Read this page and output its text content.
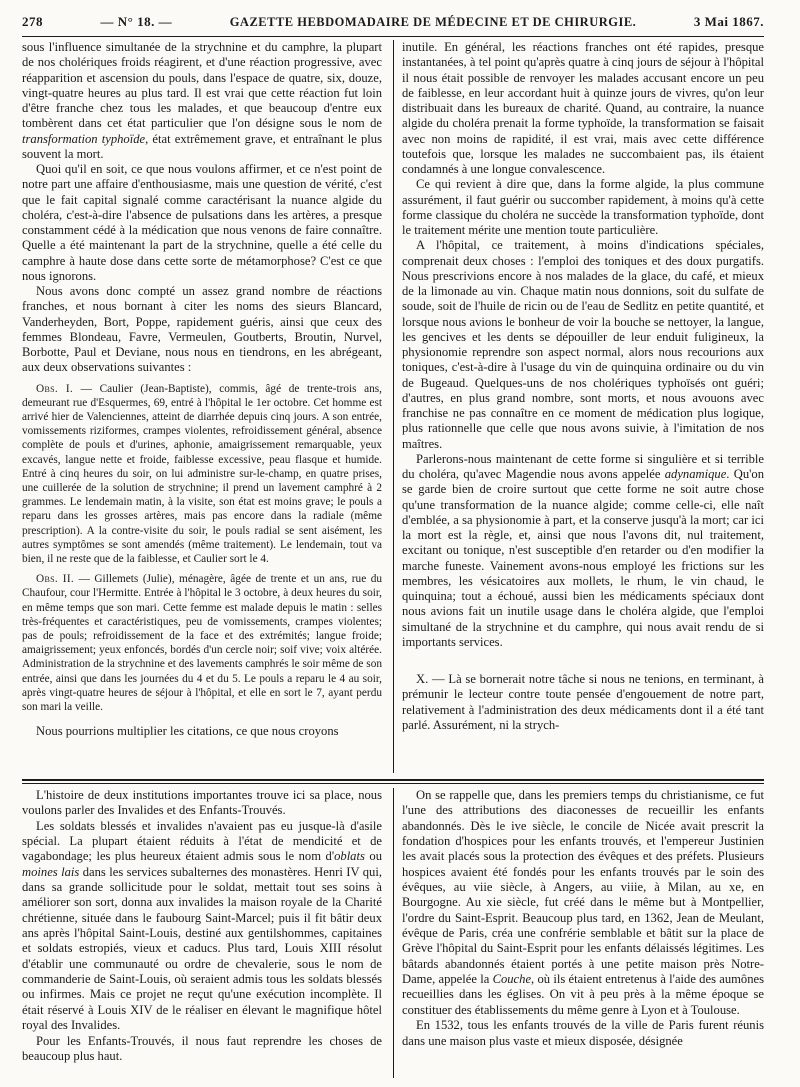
278	— N° 18. —	GAZETTE HEBDOMADAIRE DE MÉDECINE ET DE CHIRURGIE.	3 Mai 1867.

sous l'influence simultanée de la strychnine et du camphre, la plupart de nos cholériques froids réagirent, et d'une réaction progressive, avec réapparition et ascension du pouls, dans l'espace de quatre, six, douze, vingt-quatre heures au plus tard. Il est vrai que cette réaction fut loin d'être franche chez tous les malades, et que beaucoup d'entre eux tombèrent dans cet état particulier que l'on désigne sous le nom de transformation typhoïde, état extrêmement grave, et entraînant le plus souvent la mort.

Quoi qu'il en soit, ce que nous voulons affirmer, et ce n'est point de notre part une affaire d'enthousiasme, mais une question de vérité, c'est que le fait capital signalé comme caractérisant la nuance algide du choléra, c'est-à-dire l'absence de pulsations dans les artères, a presque constamment cédé à la médication que nous venons de faire connaître. Quelle a été maintenant la part de la strychnine, quelle a été celle du camphre à haute dose dans cette sorte de métamorphose? C'est ce que nous ignorons.

Nous avons donc compté un assez grand nombre de réactions franches, et nous bornant à citer les noms des sieurs Blancard, Vanderheyden, Bort, Poppe, rapidement guéris, ainsi que ceux des femmes Blondeau, Favre, Vermeulen, Goutberts, Broutin, Nurvel, Borbotte, Paul et Deviane, nous nous en tiendrons, en les abrégeant, aux deux observations suivantes :

Obs. I. — Caulier (Jean-Baptiste), commis, âgé de trente-trois ans, demeurant rue d'Esquermes, 69, entré à l'hôpital le 1er octobre. Cet homme est arrivé hier de Valenciennes, atteint de diarrhée depuis cinq jours. A son entrée, vomissements riziformes, crampes violentes, refroidissement général, absence complète de pouls et d'urines, aphonie, amaigrissement remarquable, yeux excavés, langue nette et froide, faiblesse excessive, peau flasque et humide. Entré à cinq heures du soir, on lui administre sur-le-champ, en quatre prises, une cuillerée de la solution de strychnine; il prend un lavement camphré à 2 grammes. Le lendemain matin, à la visite, son état est moins grave; le pouls a reparu dans les grosses artères, mais pas encore dans la radiale (même prescription). A la contre-visite du soir, le pouls radial se sent aisément, les autres symptômes se sont amendés (même traitement). Le lendemain, tout va bien, il ne reste que de la faiblesse, et Caulier sort le 4.

Obs. II. — Gillemets (Julie), ménagère, âgée de trente et un ans, rue du Chaufour, cour l'Hermitte. Entrée à l'hôpital le 3 octobre, à deux heures du soir, en même temps que son mari. Cette femme est malade depuis le matin : selles très-fréquentes et caractéristiques, peu de vomissements, crampes violentes; pas de pouls; refroidissement de la face et des extrémités; langue froide; amaigrissement; yeux enfoncés, bordés d'un cercle noir; soif vive; voix altérée. Administration de la strychnine et des lavements camphrés le soir même de son entrée, ainsi que dans les journées du 4 et du 5. Le pouls a reparu le 4 au soir, après vingt-quatre heures de séjour à l'hôpital, et elle en sort le 7, ayant perdu son mari la veille.

Nous pourrions multiplier les citations, ce que nous croyons

inutile. En général, les réactions franches ont été rapides, presque instantanées, à tel point qu'après quatre à cinq jours de séjour à l'hôpital il nous était possible de renvoyer les malades accusant encore un peu de faiblesse, en leur accordant huit à quinze jours de vivres, qu'on leur distribuait dans les bureaux de charité. Quand, au contraire, la nuance algide du choléra prenait la forme typhoïde, la transformation se faisait avec non moins de rapidité, il est vrai, mais avec cette différence toutefois que, lorsque les malades ne succombaient pas, ils étaient condamnés à une longue convalescence.

Ce qui revient à dire que, dans la forme algide, la plus commune assurément, il faut guérir ou succomber rapidement, à moins qu'à cette forme classique du choléra ne succède la transformation typhoïde, dont le traitement mérite une mention toute particulière.

A l'hôpital, ce traitement, à moins d'indications spéciales, comprenait deux choses : l'emploi des toniques et des doux purgatifs. Nous prescrivions encore à nos malades de la glace, du café, et mieux de la limonade au vin. Chaque matin nous donnions, soit du sulfate de soude, soit de l'huile de ricin ou de l'eau de Sedlitz en petite quantité, et lorsque nous avions le bonheur de voir la bouche se nettoyer, la langue, les gencives et les dents se dépouiller de leur enduit fuligineux, la physionomie reprendre son aspect normal, alors nous recourions aux toniques, c'est-à-dire à l'usage du vin de quinquina ordinaire ou du vin de Bugeaud. Quelques-uns de nos cholériques typhoïsés ont guéri; d'autres, en plus grand nombre, sont morts, et nous avouons avec franchise ne pas connaître en ce moment de médication plus logique, plus rationnelle que celle que nous avons suivie, à l'imitation de nos maîtres.

Parlerons-nous maintenant de cette forme si singulière et si terrible du choléra, qu'avec Magendie nous avons appelée adynamique. Qu'on se garde bien de croire surtout que cette forme ne soit autre chose qu'une transformation de la nuance algide; comme celle-ci, elle naît d'emblée, a sa physionomie à part, et la conserve jusqu'à la mort; car ici la mort est la règle, et, ainsi que nous l'avons dit, nul traitement, excitant ou tonique, n'est susceptible d'en retarder ou d'en modifier la marche funeste. Vainement avons-nous employé les frictions sur les membres, les vésicatoires aux mollets, le rhum, le vin chaud, le quinquina; tout a échoué, aussi bien les médicaments spéciaux dont nous avions fait un inutile usage dans le choléra algide, que l'emploi simultané de la strychnine et du camphre, qui nous avait rendu de si importants services.

X. — Là se bornerait notre tâche si nous ne tenions, en terminant, à prémunir le lecteur contre toute pensée d'engouement de notre part, relativement à l'administration des deux médicaments dont il a été tant parlé. Assurément, ni la strych-

L'histoire de deux institutions importantes trouve ici sa place, nous voulons parler des Invalides et des Enfants-Trouvés.

Les soldats blessés et invalides n'avaient pas eu jusque-là d'asile spécial. La plupart étaient réduits à l'état de mendicité et de vagabondage; les plus heureux étaient admis sous le nom d'oblats ou moines lais dans les services subalternes des monastères. Henri IV qui, dans sa grande sollicitude pour le soldat, mettait tout ses soins à améliorer son sort, donna aux invalides la maison royale de la Charité chrétienne, située dans le faubourg Saint-Marcel; puis il fit bâtir deux ans après l'hôpital Saint-Louis, destiné aux gentilshommes, capitaines et soldats estropiés, vieux et caducs. Plus tard, Louis XIII résolut d'établir une communauté ou ordre de chevalerie, sous le nom de commanderie de Saint-Louis, où seraient admis tous les soldats blessés ou infirmes. Mais ce projet ne reçut qu'une exécution incomplète. Il était réservé à Louis XIV de le réaliser en élevant le magnifique hôtel royal des Invalides.

Pour les Enfants-Trouvés, il nous faut reprendre les choses de beaucoup plus haut.

On se rappelle que, dans les premiers temps du christianisme, ce fut l'une des attributions des diaconesses de recueillir les enfants abandonnés. Dès le ive siècle, le concile de Nicée avait prescrit la fondation d'hospices pour les enfants trouvés, et l'empereur Justinien les avait placés sous la protection des évêques et des préfets. Plusieurs hospices avaient été fondés pour les enfants trouvés par le soin des évêques, au viie siècle, à Angers, au viiie, à Milan, au xe, en Bourgogne. Au xie siècle, fut créé dans le même but à Montpellier, l'ordre du Saint-Esprit. Beaucoup plus tard, en 1362, Jean de Meulant, évêque de Paris, créa une confrérie semblable et bâtit sur la place de Grève l'hôpital du Saint-Esprit pour les enfants délaissés légitimes. Les bâtards abandonnés étaient portés à une petite maison près Notre-Dame, appelée la Couche, où ils étaient entretenus à l'aide des aumônes recueillies dans les églises. On vit à peu près à la même époque se constituer des établissements du même genre à Lyon et à Toulouse.

En 1532, tous les enfants trouvés de la ville de Paris furent réunis dans une maison plus vaste et mieux disposée, désignée
